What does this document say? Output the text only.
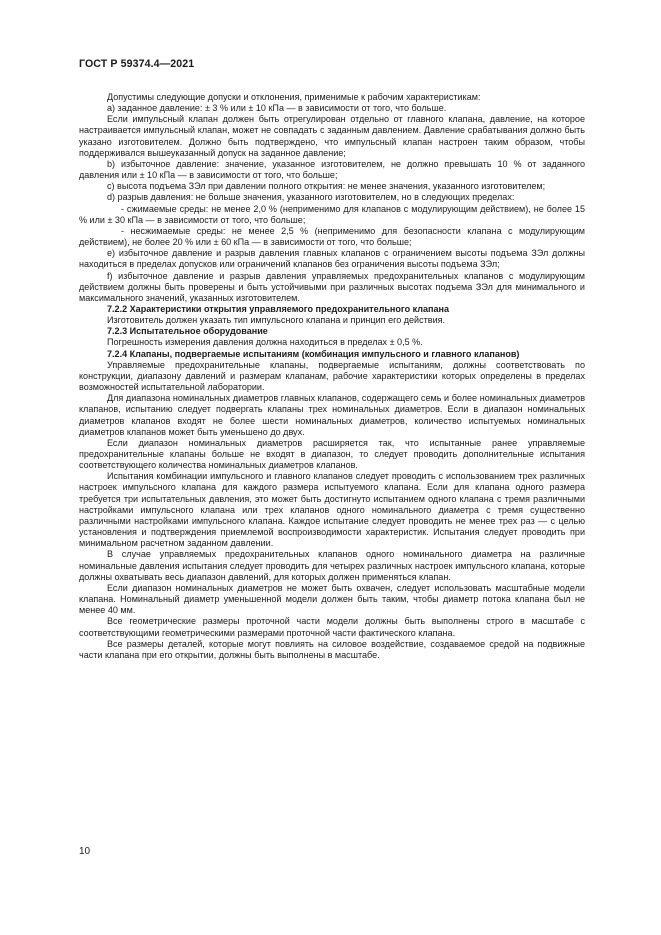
ГОСТ Р 59374.4—2021

Допустимы следующие допуски и отклонения, применимые к рабочим характеристикам:

a) заданное давление: ± 3 % или ± 10 кПа — в зависимости от того, что больше.

Если импульсный клапан должен быть отрегулирован отдельно от главного клапана, давление, на которое настраивается импульсный клапан, может не совпадать с заданным давлением. Давление срабатывания должно быть указано изготовителем. Должно быть подтверждено, что импульсный клапан настроен таким образом, чтобы поддерживался вышеуказанный допуск на заданное давление;

b) избыточное давление: значение, указанное изготовителем, не должно превышать 10 % от заданного давления или ± 10 кПа — в зависимости от того, что больше;

c) высота подъема ЗЭл при давлении полного открытия: не менее значения, указанного изготовителем;

d) разрыв давления: не больше значения, указанного изготовителем, но в следующих пределах:

- сжимаемые среды: не менее 2,0 % (неприменимо для клапанов с модулирующим действием), не более 15 % или ± 30 кПа — в зависимости от того, что больше;

- несжимаемые среды: не менее 2,5 % (неприменимо для безопасности клапана с модулирующим действием), не более 20 % или ± 60 кПа — в зависимости от того, что больше;

e) избыточное давление и разрыв давления главных клапанов с ограничением высоты подъема ЗЭл должны находиться в пределах допусков или ограничений клапанов без ограничения высоты подъема ЗЭл;

f) избыточное давление и разрыв давления управляемых предохранительных клапанов с модулирующим действием должны быть проверены и быть устойчивыми при различных высотах подъема ЗЭл для минимального и максимального значений, указанных изготовителем.

7.2.2 Характеристики открытия управляемого предохранительного клапана

Изготовитель должен указать тип импульсного клапана и принцип его действия.

7.2.3 Испытательное оборудование

Погрешность измерения давления должна находиться в пределах ± 0,5 %.

7.2.4 Клапаны, подвергаемые испытаниям (комбинация импульсного и главного клапанов)

Управляемые предохранительные клапаны, подвергаемые испытаниям, должны соответствовать по конструкции, диапазону давлений и размерам клапанам, рабочие характеристики которых определены в пределах возможностей испытательной лаборатории.

Для диапазона номинальных диаметров главных клапанов, содержащего семь и более номинальных диаметров клапанов, испытанию следует подвергать клапаны трех номинальных диаметров. Если в диапазон номинальных диаметров клапанов входят не более шести номинальных диаметров, количество испытуемых номинальных диаметров клапанов может быть уменьшено до двух.

Если диапазон номинальных диаметров расширяется так, что испытанные ранее управляемые предохранительные клапаны больше не входят в диапазон, то следует проводить дополнительные испытания соответствующего количества номинальных диаметров клапанов.

Испытания комбинации импульсного и главного клапанов следует проводить с использованием трех различных настроек импульсного клапана для каждого размера испытуемого клапана. Если для клапана одного размера требуется три испытательных давления, это может быть достигнуто испытанием одного клапана с тремя различными настройками импульсного клапана или трех клапанов одного номинального диаметра с тремя существенно различными настройками импульсного клапана. Каждое испытание следует проводить не менее трех раз — с целью установления и подтверждения приемлемой воспроизводимости характеристик. Испытания следует проводить при минимальном расчетном заданном давлении.

В случае управляемых предохранительных клапанов одного номинального диаметра на различные номинальные давления испытания следует проводить для четырех различных настроек импульсного клапана, которые должны охватывать весь диапазон давлений, для которых должен применяться клапан.

Если диапазон номинальных диаметров не может быть охвачен, следует использовать масштабные модели клапана. Номинальный диаметр уменьшенной модели должен быть таким, чтобы диаметр потока клапана был не менее 40 мм.

Все геометрические размеры проточной части модели должны быть выполнены строго в масштабе с соответствующими геометрическими размерами проточной части фактического клапана.

Все размеры деталей, которые могут повлиять на силовое воздействие, создаваемое средой на подвижные части клапана при его открытии, должны быть выполнены в масштабе.

10
